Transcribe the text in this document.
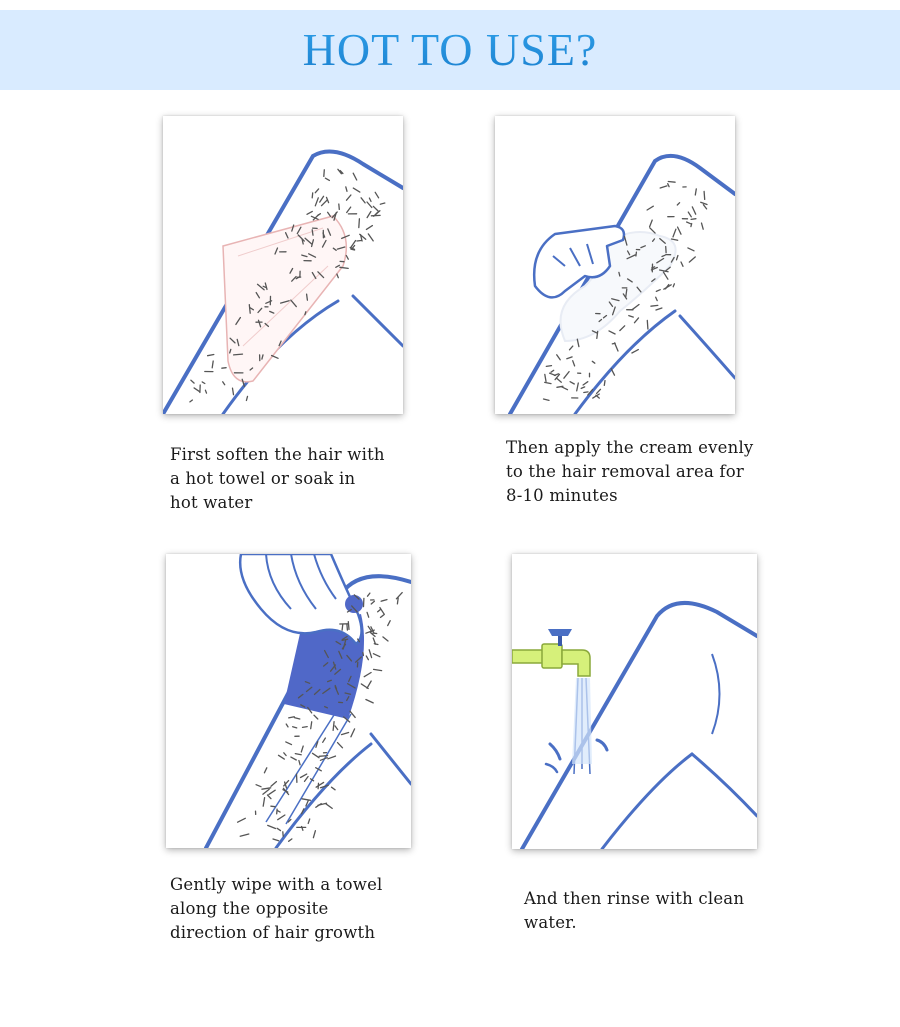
HOT TO USE?
First soften the hair with
a hot towel or soak in
hot water
Then apply the cream evenly
to the hair removal area for
8-10 minutes
Gently wipe with a towel
along the opposite
direction of hair growth
And then rinse with clean
water.
